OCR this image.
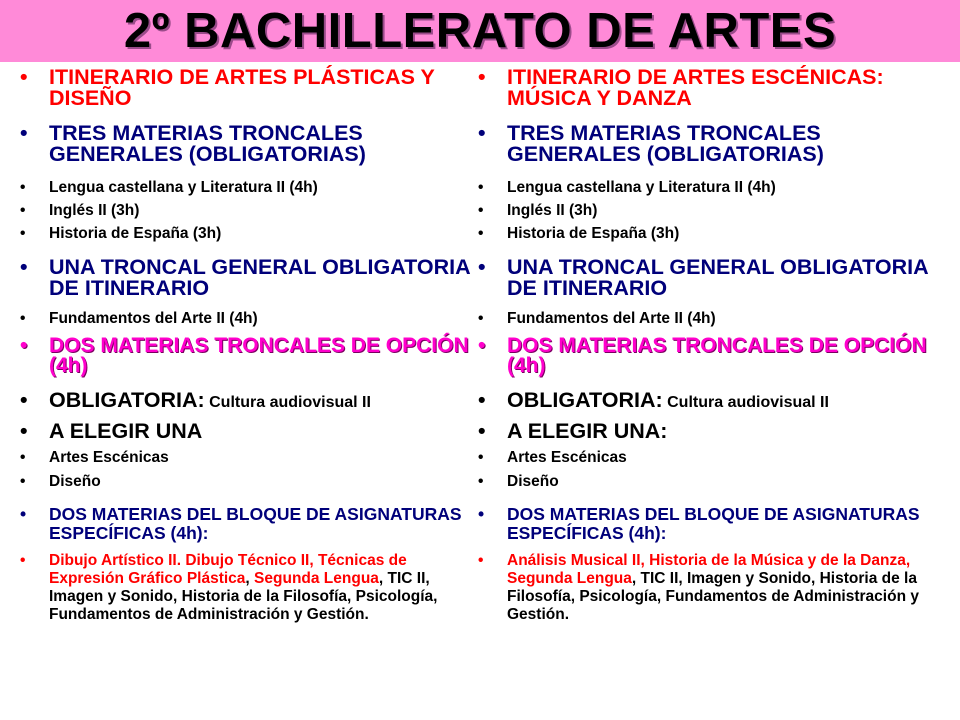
2º BACHILLERATO DE ARTES
• ITINERARIO DE ARTES PLÁSTICAS Y DISEÑO
• TRES MATERIAS TRONCALES GENERALES (OBLIGATORIAS)
• Lengua castellana y Literatura II (4h)
• Inglés II (3h)
• Historia de España (3h)
• UNA TRONCAL GENERAL OBLIGATORIA DE ITINERARIO
• Fundamentos del Arte II (4h)
• DOS MATERIAS TRONCALES DE OPCIÓN (4h)
• OBLIGATORIA: Cultura audiovisual II
• A ELEGIR UNA
• Artes Escénicas
• Diseño
• DOS MATERIAS DEL BLOQUE DE ASIGNATURAS ESPECÍFICAS (4h):
• Dibujo Artístico II. Dibujo Técnico II, Técnicas de Expresión Gráfico Plástica, Segunda Lengua, TIC II, Imagen y Sonido, Historia de la Filosofía, Psicología, Fundamentos de Administración y Gestión.
• ITINERARIO DE ARTES ESCÉNICAS: MÚSICA Y DANZA
• TRES MATERIAS TRONCALES GENERALES (OBLIGATORIAS)
• Lengua castellana y Literatura II (4h)
• Inglés II (3h)
• Historia de España (3h)
• UNA TRONCAL GENERAL OBLIGATORIA DE ITINERARIO
• Fundamentos del Arte II (4h)
• DOS MATERIAS TRONCALES DE OPCIÓN (4h)
• OBLIGATORIA: Cultura audiovisual II
• A ELEGIR UNA:
• Artes Escénicas
• Diseño
• DOS MATERIAS DEL BLOQUE DE ASIGNATURAS ESPECÍFICAS (4h):
• Análisis Musical II, Historia de la Música y de la Danza, Segunda Lengua, TIC II, Imagen y Sonido, Historia de la Filosofía, Psicología, Fundamentos de Administración y Gestión.
